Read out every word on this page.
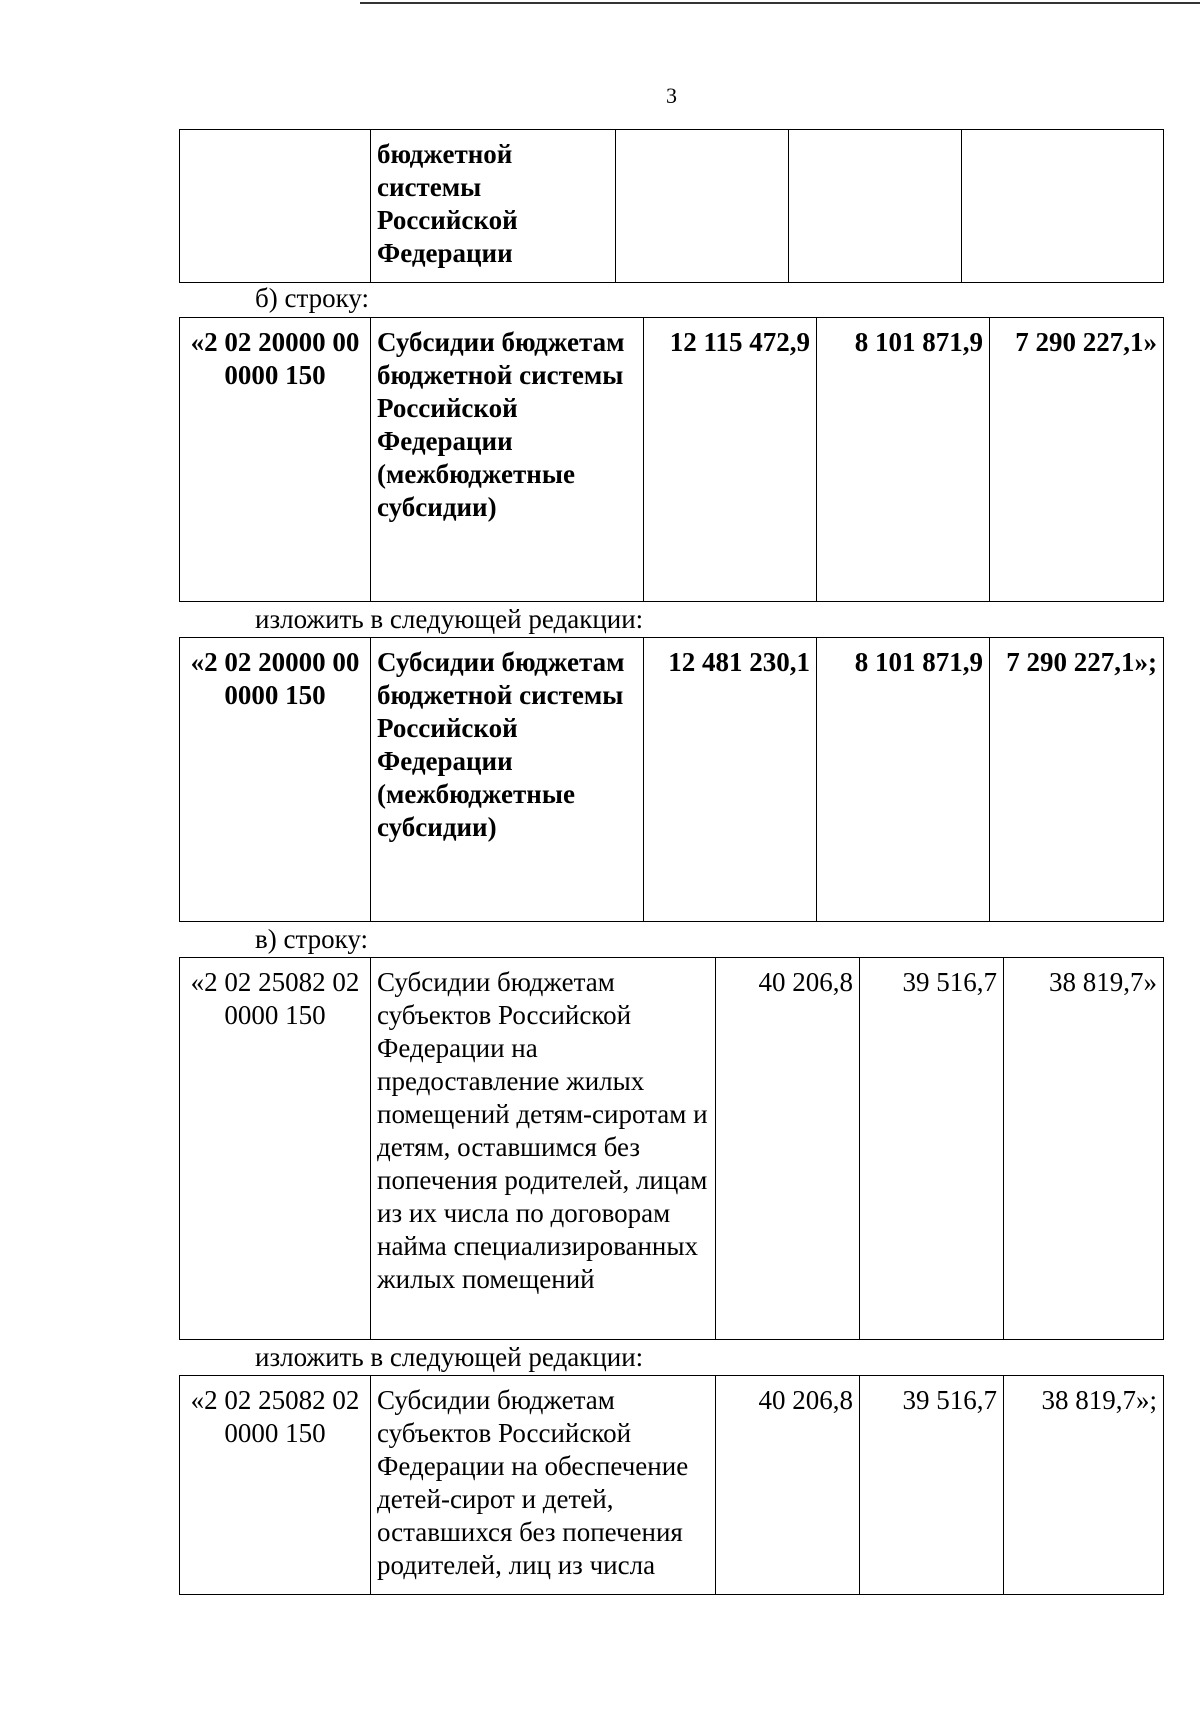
3
	бюджетной системы Российской Федерации			
б) строку:
«2 02 20000 00 0000 150	Субсидии бюджетам бюджетной системы Российской Федерации (межбюджетные субсидии)	12 115 472,9	8 101 871,9	7 290 227,1»
изложить в следующей редакции:
«2 02 20000 00 0000 150	Субсидии бюджетам бюджетной системы Российской Федерации (межбюджетные субсидии)	12 481 230,1	8 101 871,9	7 290 227,1»;
в) строку:
«2 02 25082 02 0000 150	Субсидии бюджетам субъектов Российской Федерации на предоставление жилых помещений детям-сиротам и детям, оставшимся без попечения родителей, лицам из их числа по договорам найма специализированных жилых помещений	40 206,8	39 516,7	38 819,7»
изложить в следующей редакции:
«2 02 25082 02 0000 150	Субсидии бюджетам субъектов Российской Федерации на обеспечение детей-сирот и детей, оставшихся без попечения родителей, лиц из числа	40 206,8	39 516,7	38 819,7»;
